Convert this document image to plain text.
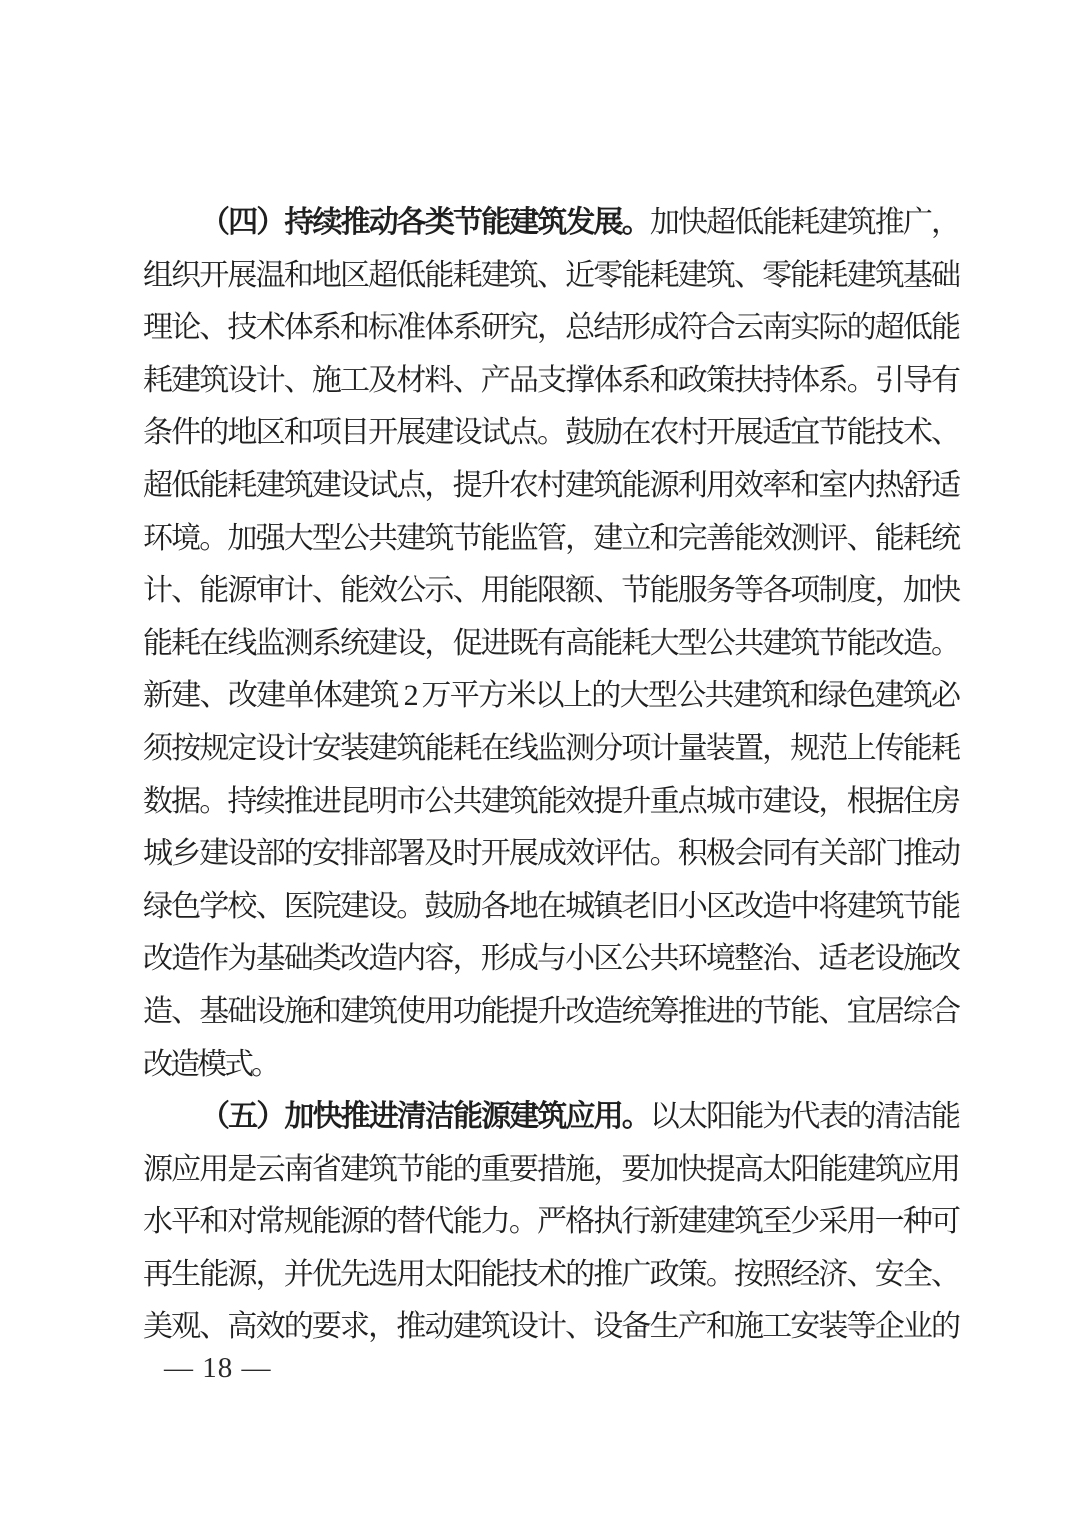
（四）持续推动各类节能建筑发展。加快超低能耗建筑推广，
组织开展温和地区超低能耗建筑、近零能耗建筑、零能耗建筑基础
理论、技术体系和标准体系研究，总结形成符合云南实际的超低能
耗建筑设计、施工及材料、产品支撑体系和政策扶持体系。引导有
条件的地区和项目开展建设试点。鼓励在农村开展适宜节能技术、
超低能耗建筑建设试点，提升农村建筑能源利用效率和室内热舒适
环境。加强大型公共建筑节能监管，建立和完善能效测评、能耗统
计、能源审计、能效公示、用能限额、节能服务等各项制度，加快
能耗在线监测系统建设，促进既有高能耗大型公共建筑节能改造。
新建、改建单体建筑 2 万平方米以上的大型公共建筑和绿色建筑必
须按规定设计安装建筑能耗在线监测分项计量装置，规范上传能耗
数据。持续推进昆明市公共建筑能效提升重点城市建设，根据住房
城乡建设部的安排部署及时开展成效评估。积极会同有关部门推动
绿色学校、医院建设。鼓励各地在城镇老旧小区改造中将建筑节能
改造作为基础类改造内容，形成与小区公共环境整治、适老设施改
造、基础设施和建筑使用功能提升改造统筹推进的节能、宜居综合
改造模式。
（五）加快推进清洁能源建筑应用。以太阳能为代表的清洁能
源应用是云南省建筑节能的重要措施，要加快提高太阳能建筑应用
水平和对常规能源的替代能力。严格执行新建建筑至少采用一种可
再生能源，并优先选用太阳能技术的推广政策。按照经济、安全、
美观、高效的要求，推动建筑设计、设备生产和施工安装等企业的
— 18 —
